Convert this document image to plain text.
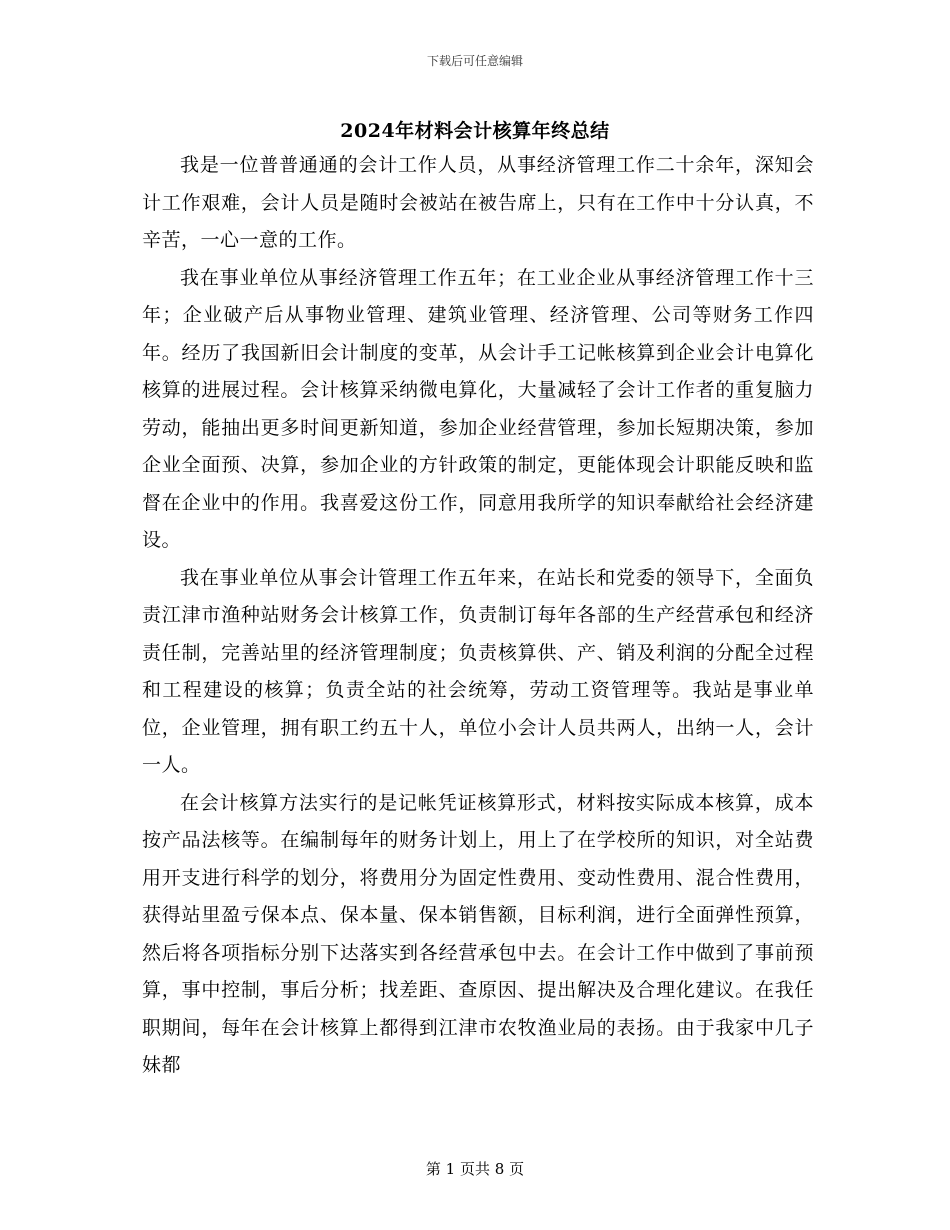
下载后可任意编辑
2024年材料会计核算年终总结

我是一位普普通通的会计工作人员，从事经济管理工作二十余年，深知会计工作艰难，会计人员是随时会被站在被告席上，只有在工作中十分认真，不辛苦，一心一意的工作。

我在事业单位从事经济管理工作五年；在工业企业从事经济管理工作十三年；企业破产后从事物业管理、建筑业管理、经济管理、公司等财务工作四年。经历了我国新旧会计制度的变革，从会计手工记帐核算到企业会计电算化核算的进展过程。会计核算采纳微电算化，大量减轻了会计工作者的重复脑力劳动，能抽出更多时间更新知道，参加企业经营管理，参加长短期决策，参加企业全面预、决算，参加企业的方针政策的制定，更能体现会计职能反映和监督在企业中的作用。我喜爱这份工作，同意用我所学的知识奉献给社会经济建设。

我在事业单位从事会计管理工作五年来，在站长和党委的领导下，全面负责江津市渔种站财务会计核算工作，负责制订每年各部的生产经营承包和经济责任制，完善站里的经济管理制度；负责核算供、产、销及利润的分配全过程和工程建设的核算；负责全站的社会统筹，劳动工资管理等。我站是事业单位，企业管理，拥有职工约五十人，单位小会计人员共两人，出纳一人，会计一人。

在会计核算方法实行的是记帐凭证核算形式，材料按实际成本核算，成本按产品法核等。在编制每年的财务计划上，用上了在学校所的知识，对全站费用开支进行科学的划分，将费用分为固定性费用、变动性费用、混合性费用，获得站里盈亏保本点、保本量、保本销售额，目标利润，进行全面弹性预算，然后将各项指标分别下达落实到各经营承包中去。在会计工作中做到了事前预算，事中控制，事后分析；找差距、查原因、提出解决及合理化建议。在我任职期间，每年在会计核算上都得到江津市农牧渔业局的表扬。由于我家中几子妹都

第 1 页共 8 页
